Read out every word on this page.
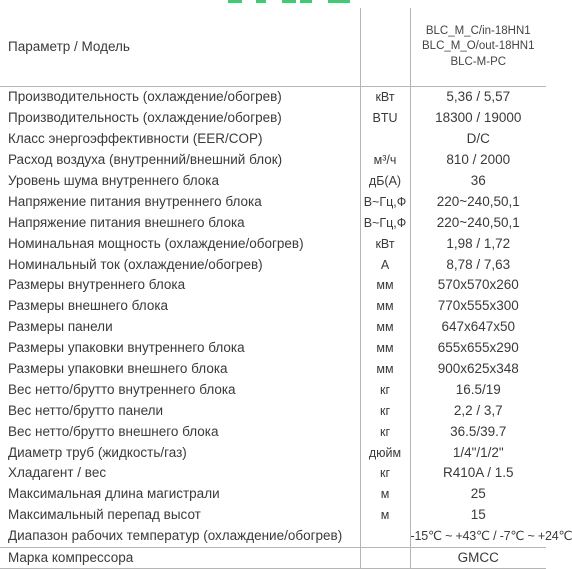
Параметр / Модель		BLC_M_C/in-18HN1
BLC_M_O/out-18HN1
BLC-M-PC

Производительность (охлаждение/обогрев)	кВт	5,36 / 5,57
Производительность (охлаждение/обогрев)	BTU	18300 / 19000
Класс энергоэффективности (EER/COP)		D/C
Расход воздуха (внутренний/внешний блок)	м³/ч	810 / 2000
Уровень шума внутреннего блока	дБ(А)	36
Напряжение питания внутреннего блока	В~Гц,Ф	220~240,50,1
Напряжение питания внешнего блока	В~Гц,Ф	220~240,50,1
Номинальная мощность (охлаждение/обогрев)	кВт	1,98 / 1,72
Номинальный ток (охлаждение/обогрев)	А	8,78 / 7,63
Размеры внутреннего блока	мм	570x570x260
Размеры внешнего блока	мм	770x555x300
Размеры панели	мм	647x647x50
Размеры упаковки внутреннего блока	мм	655x655x290
Размеры упаковки внешнего блока	мм	900x625x348
Вес нетто/брутто внутреннего блока	кг	16.5/19
Вес нетто/брутто панели	кг	2,2 / 3,7
Вес нетто/брутто внешнего блока	кг	36.5/39.7
Диаметр труб (жидкость/газ)	дюйм	1/4"/1/2"
Хладагент / вес	кг	R410A / 1.5
Максимальная длина магистрали	м	25
Максимальный перепад высот	м	15
Диапазон рабочих температур (охлаждение/обогрев)		-15℃ ~ +43℃ / -7℃ ~ +24℃
Марка компрессора		GMCC
